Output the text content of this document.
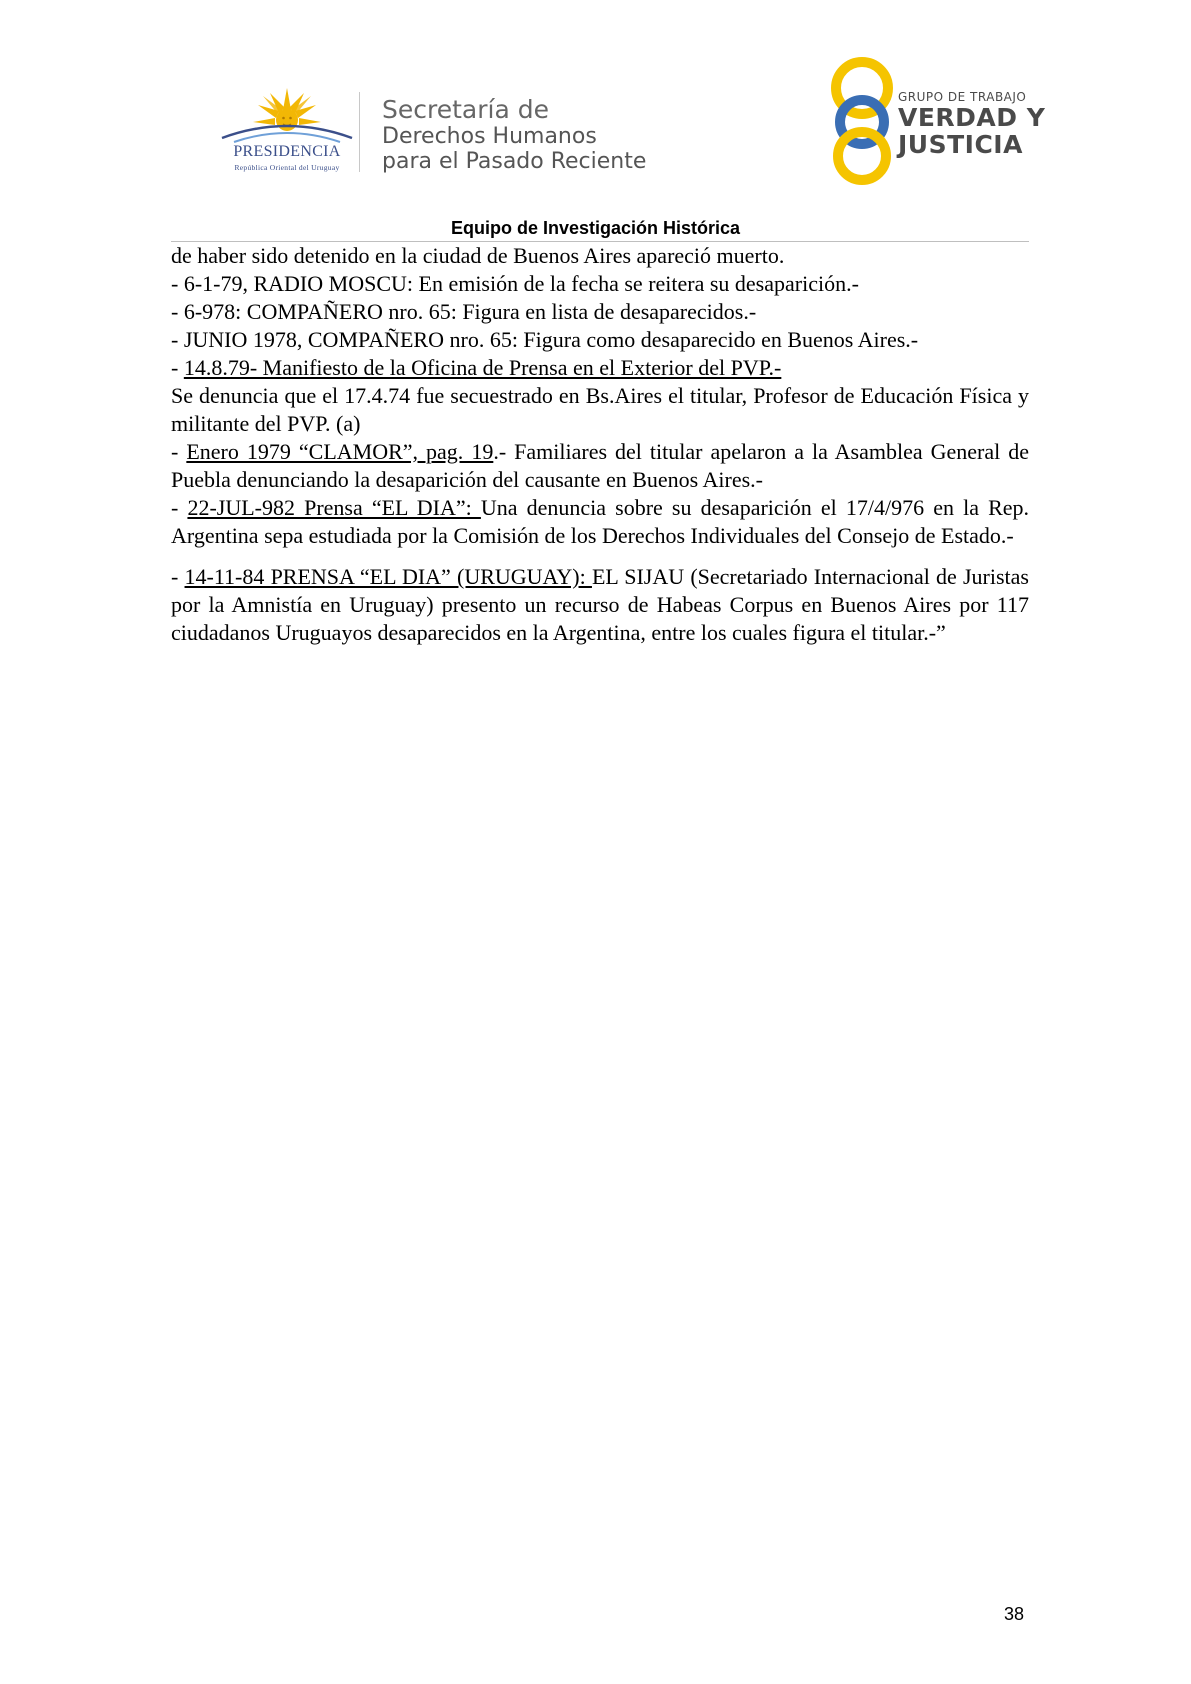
PRESIDENCIA
República Oriental del Uruguay
Secretaría de
Derechos Humanos
para el Pasado Reciente
GRUPO DE TRABAJO
VERDAD Y
JUSTICIA
Equipo de Investigación Histórica

de haber sido detenido en la ciudad de Buenos Aires apareció muerto.

- 6-1-79, RADIO MOSCU: En emisión de la fecha se reitera su desaparición.-

- 6-978: COMPAÑERO nro. 65: Figura en lista de desaparecidos.-

- JUNIO 1978, COMPAÑERO nro. 65: Figura como desaparecido en Buenos Aires.-

- 14.8.79- Manifiesto de la Oficina de Prensa en el Exterior del PVP.-

Se denuncia que el 17.4.74 fue secuestrado en Bs.Aires el titular, Profesor de Educación Física y militante del PVP. (a)

- Enero 1979 “CLAMOR”, pag. 19.- Familiares del titular apelaron a la Asamblea General de Puebla denunciando la desaparición del causante en Buenos Aires.-

- 22-JUL-982 Prensa “EL DIA”: Una denuncia sobre su desaparición el 17/4/976 en la Rep. Argentina sepa estudiada por la Comisión de los Derechos Individuales del Consejo de Estado.-

- 14-11-84 PRENSA “EL DIA” (URUGUAY): EL SIJAU (Secretariado Internacional de Juristas por la Amnistía en Uruguay) presento un recurso de Habeas Corpus en Buenos Aires por 117 ciudadanos Uruguayos desaparecidos en la Argentina, entre los cuales figura el titular.-”

38
